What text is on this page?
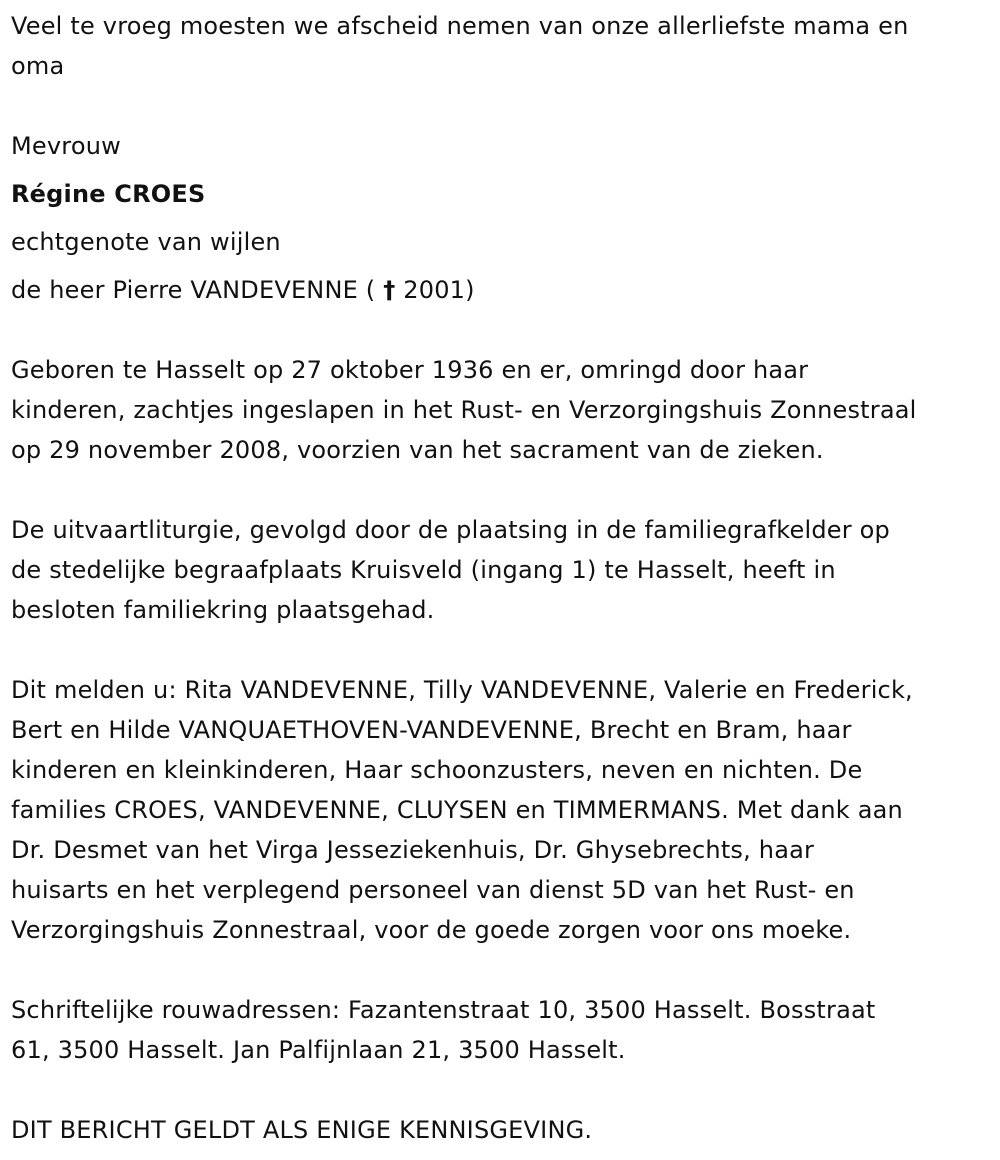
Veel te vroeg moesten we afscheid nemen van onze allerliefste mama en
oma
Mevrouw
Régine CROES
echtgenote van wijlen
de heer Pierre VANDEVENNE ( † 2001)
Geboren te Hasselt op 27 oktober 1936 en er, omringd door haar
kinderen, zachtjes ingeslapen in het Rust- en Verzorgingshuis Zonnestraal
op 29 november 2008, voorzien van het sacrament van de zieken.
De uitvaartliturgie, gevolgd door de plaatsing in de familiegrafkelder op
de stedelijke begraafplaats Kruisveld (ingang 1) te Hasselt, heeft in
besloten familiekring plaatsgehad.
Dit melden u: Rita VANDEVENNE, Tilly VANDEVENNE, Valerie en Frederick,
Bert en Hilde VANQUAETHOVEN-VANDEVENNE, Brecht en Bram, haar
kinderen en kleinkinderen, Haar schoonzusters, neven en nichten. De
families CROES, VANDEVENNE, CLUYSEN en TIMMERMANS. Met dank aan
Dr. Desmet van het Virga Jesseziekenhuis, Dr. Ghysebrechts, haar
huisarts en het verplegend personeel van dienst 5D van het Rust- en
Verzorgingshuis Zonnestraal, voor de goede zorgen voor ons moeke.
Schriftelijke rouwadressen: Fazantenstraat 10, 3500 Hasselt. Bosstraat
61, 3500 Hasselt. Jan Palfijnlaan 21, 3500 Hasselt.
DIT BERICHT GELDT ALS ENIGE KENNISGEVING.
